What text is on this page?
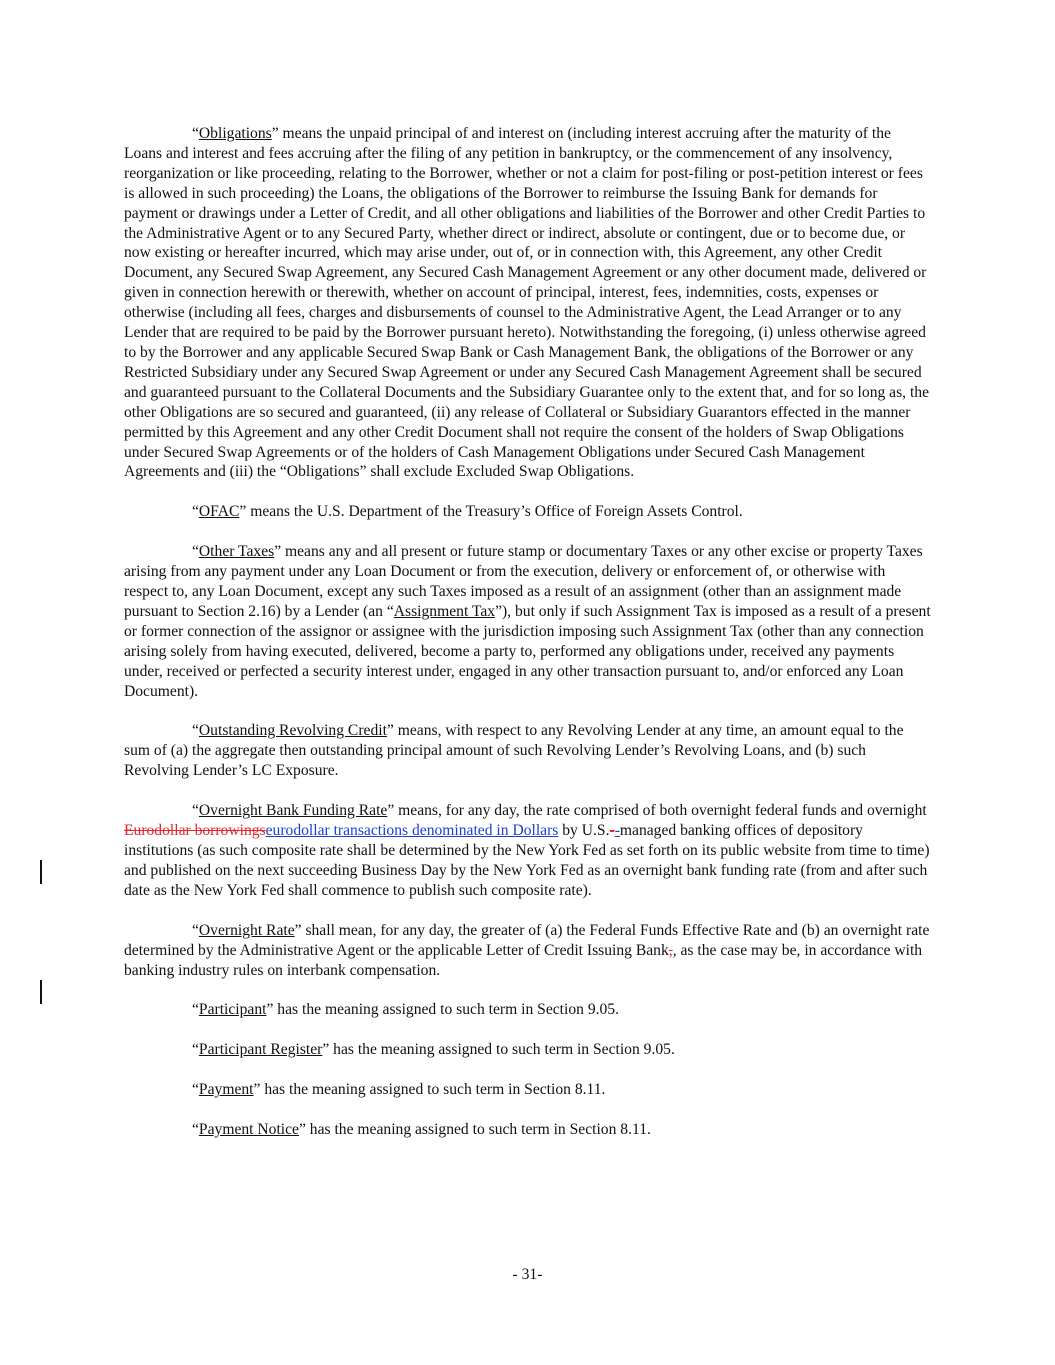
“Obligations” means the unpaid principal of and interest on (including interest accruing after the maturity of the Loans and interest and fees accruing after the filing of any petition in bankruptcy, or the commencement of any insolvency, reorganization or like proceeding, relating to the Borrower, whether or not a claim for post-filing or post-petition interest or fees is allowed in such proceeding) the Loans, the obligations of the Borrower to reimburse the Issuing Bank for demands for payment or drawings under a Letter of Credit, and all other obligations and liabilities of the Borrower and other Credit Parties to the Administrative Agent or to any Secured Party, whether direct or indirect, absolute or contingent, due or to become due, or now existing or hereafter incurred, which may arise under, out of, or in connection with, this Agreement, any other Credit Document, any Secured Swap Agreement, any Secured Cash Management Agreement or any other document made, delivered or given in connection herewith or therewith, whether on account of principal, interest, fees, indemnities, costs, expenses or otherwise (including all fees, charges and disbursements of counsel to the Administrative Agent, the Lead Arranger or to any Lender that are required to be paid by the Borrower pursuant hereto). Notwithstanding the foregoing, (i) unless otherwise agreed to by the Borrower and any applicable Secured Swap Bank or Cash Management Bank, the obligations of the Borrower or any Restricted Subsidiary under any Secured Swap Agreement or under any Secured Cash Management Agreement shall be secured and guaranteed pursuant to the Collateral Documents and the Subsidiary Guarantee only to the extent that, and for so long as, the other Obligations are so secured and guaranteed, (ii) any release of Collateral or Subsidiary Guarantors effected in the manner permitted by this Agreement and any other Credit Document shall not require the consent of the holders of Swap Obligations under Secured Swap Agreements or of the holders of Cash Management Obligations under Secured Cash Management Agreements and (iii) the “Obligations” shall exclude Excluded Swap Obligations.

“OFAC” means the U.S. Department of the Treasury’s Office of Foreign Assets Control.

“Other Taxes” means any and all present or future stamp or documentary Taxes or any other excise or property Taxes arising from any payment under any Loan Document or from the execution, delivery or enforcement of, or otherwise with respect to, any Loan Document, except any such Taxes imposed as a result of an assignment (other than an assignment made pursuant to Section 2.16) by a Lender (an “Assignment Tax”), but only if such Assignment Tax is imposed as a result of a present or former connection of the assignor or assignee with the jurisdiction imposing such Assignment Tax (other than any connection arising solely from having executed, delivered, become a party to, performed any obligations under, received any payments under, received or perfected a security interest under, engaged in any other transaction pursuant to, and/or enforced any Loan Document).

“Outstanding Revolving Credit” means, with respect to any Revolving Lender at any time, an amount equal to the sum of (a) the aggregate then outstanding principal amount of such Revolving Lender’s Revolving Loans, and (b) such Revolving Lender’s LC Exposure.

“Overnight Bank Funding Rate” means, for any day, the rate comprised of both overnight federal funds and overnight Eurodollar borrowingseurodollar transactions denominated in Dollars by U.S.--managed banking offices of depository institutions (as such composite rate shall be determined by the New York Fed as set forth on its public website from time to time) and published on the next succeeding Business Day by the New York Fed as an overnight bank funding rate (from and after such date as the New York Fed shall commence to publish such composite rate).

“Overnight Rate” shall mean, for any day, the greater of (a) the Federal Funds Effective Rate and (b) an overnight rate determined by the Administrative Agent or the applicable Letter of Credit Issuing Bank,, as the case may be, in accordance with banking industry rules on interbank compensation.

“Participant” has the meaning assigned to such term in Section 9.05.

“Participant Register” has the meaning assigned to such term in Section 9.05.

“Payment” has the meaning assigned to such term in Section 8.11.

“Payment Notice” has the meaning assigned to such term in Section 8.11.

- 31-
